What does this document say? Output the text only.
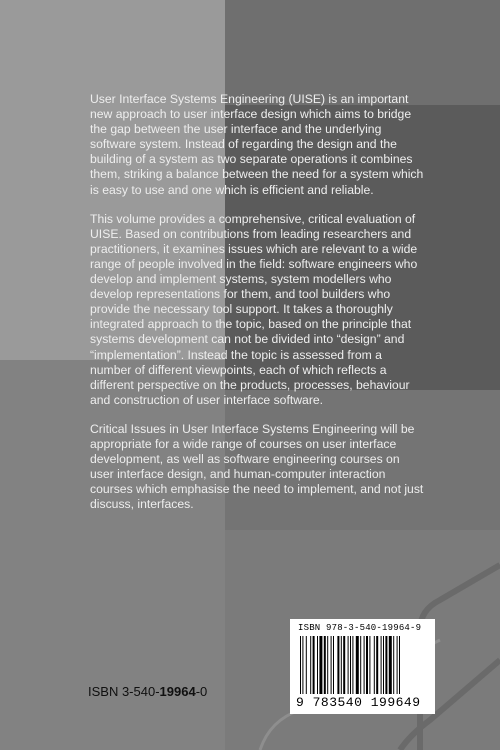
User Interface Systems Engineering (UISE) is an important new approach to user interface design which aims to bridge the gap between the user interface and the underlying software system. Instead of regarding the design and the building of a system as two separate operations it combines them, striking a balance between the need for a system which is easy to use and one which is efficient and reliable.

This volume provides a comprehensive, critical evaluation of UISE. Based on contributions from leading researchers and practitioners, it examines issues which are relevant to a wide range of people involved in the field: software engineers who develop and implement systems, system modellers who develop representations for them, and tool builders who provide the necessary tool support. It takes a thoroughly integrated approach to the topic, based on the principle that systems development can not be divided into “design” and “implementation”. Instead the topic is assessed from a number of different viewpoints, each of which reflects a different perspective on the products, processes, behaviour and construction of user interface software.

Critical Issues in User Interface Systems Engineering will be appropriate for a wide range of courses on user interface development, as well as software engineering courses on user interface design, and human-computer interaction courses which emphasise the need to implement, and not just discuss, interfaces.

ISBN 3-540-19964-0
ISBN 978-3-540-19964-9
9 783540 199649
